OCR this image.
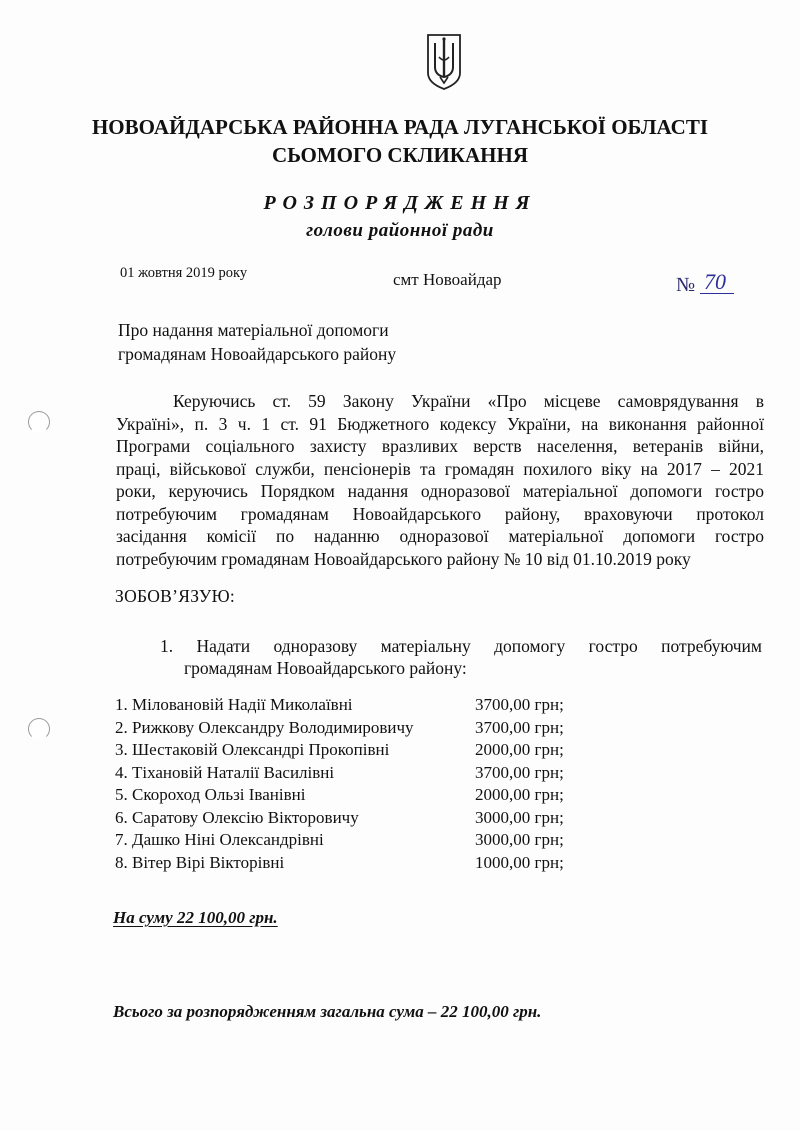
НОВОАЙДАРСЬКА РАЙОННА РАДА ЛУГАНСЬКОЇ ОБЛАСТІ
СЬОМОГО СКЛИКАННЯ
РОЗПОРЯДЖЕННЯ
голови районної ради
01 жовтня 2019 року	смт Новоайдар	№ 70
Про надання матеріальної допомоги
громадянам Новоайдарського району
Керуючись ст. 59 Закону України «Про місцеве самоврядування в
Україні», п. 3 ч. 1 ст. 91 Бюджетного кодексу України, на виконання районної
Програми соціального захисту вразливих верств населення, ветеранів війни,
праці, військової служби, пенсіонерів та громадян похилого віку на 2017 – 2021
роки, керуючись Порядком надання одноразової матеріальної допомоги гостро
потребуючим громадянам Новоайдарського району, враховуючи протокол
засідання комісії по наданню одноразової матеріальної допомоги гостро
потребуючим громадянам Новоайдарського району № 10 від 01.10.2019 року
ЗОБОВ’ЯЗУЮ:
1. Надати одноразову матеріальну допомогу гостро потребуючим
громадянам Новоайдарського району:
1. Міловановій Надії Миколаївні	3700,00 грн;
2. Рижкову Олександру Володимировичу	3700,00 грн;
3. Шестаковій Олександрі Прокопівні	2000,00 грн;
4. Тіхановій Наталії Василівні	3700,00 грн;
5. Скороход Ользі Іванівні	2000,00 грн;
6. Саратову Олексію Вікторовичу	3000,00 грн;
7. Дашко Ніні Олександрівні	3000,00 грн;
8. Вітер Вірі Вікторівні	1000,00 грн;
На суму 22 100,00 грн.
Всього за розпорядженням загальна сума – 22 100,00 грн.
